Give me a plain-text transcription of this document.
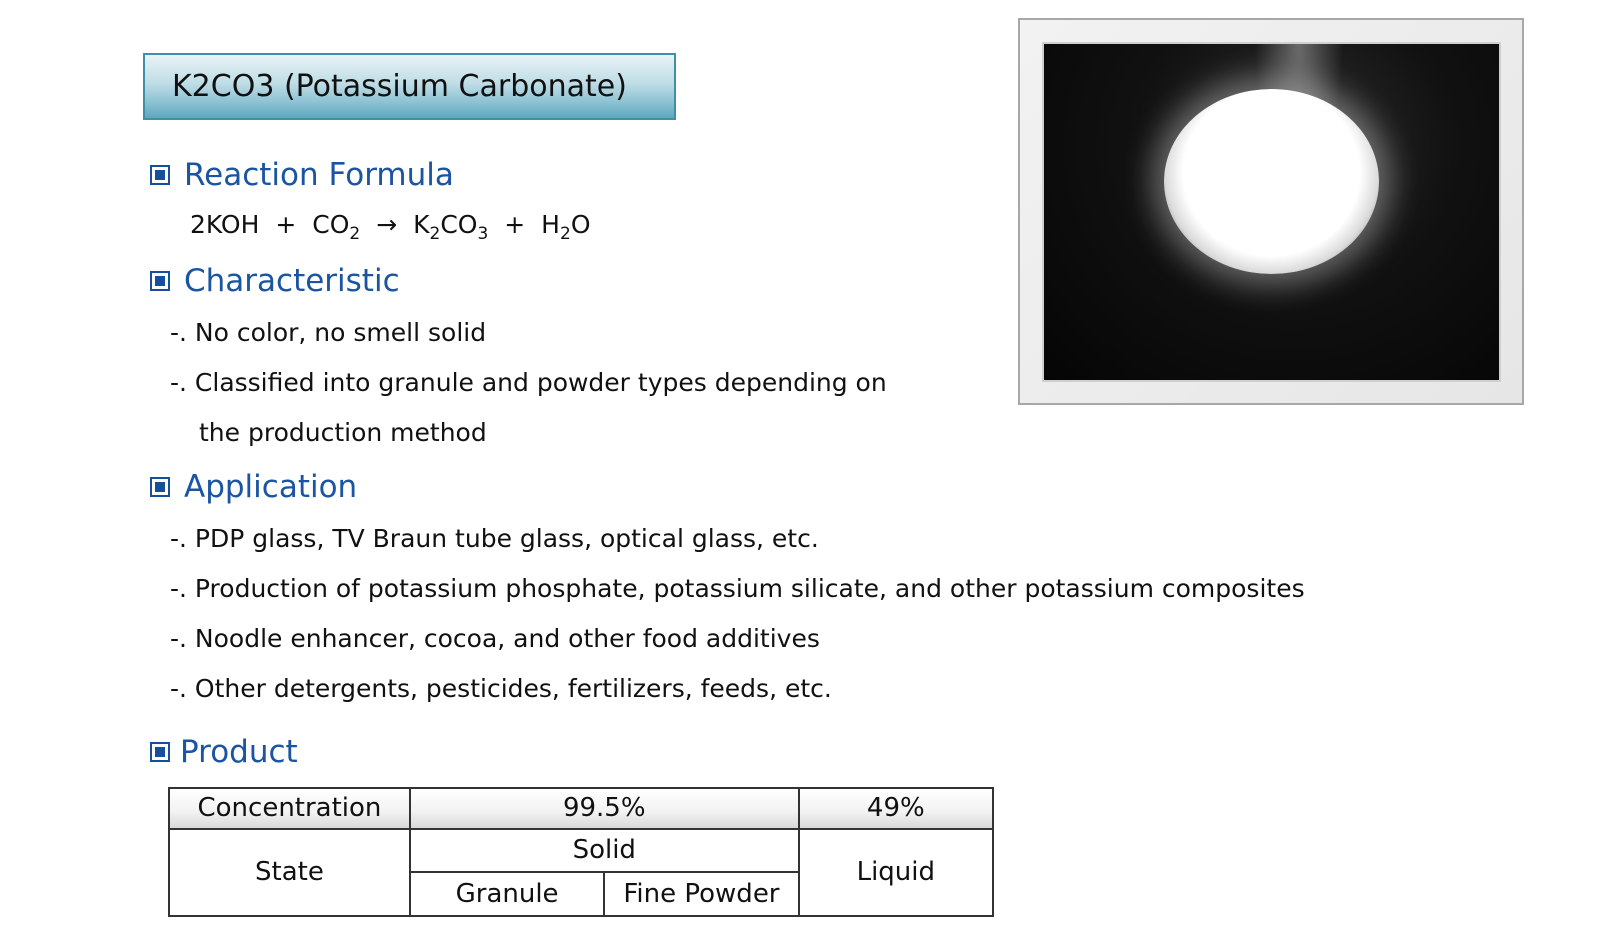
K2CO3 (Potassium Carbonate)
Reaction Formula
$2KOH + CO_2 \to K_2CO_3 + H_2O$
Characteristic
-. No color, no smell solid
-. Classified into granule and powder types depending on
the production method
Application
-. PDP glass, TV Braun tube glass, optical glass, etc.
-. Production of potassium phosphate, potassium silicate, and other potassium composites
-. Noodle enhancer, cocoa, and other food additives
-. Other detergents, pesticides, fertilizers, feeds, etc.
Product
Concentration	99.5%		49%
State	Solid		Liquid
	Granule	Fine Powder	
